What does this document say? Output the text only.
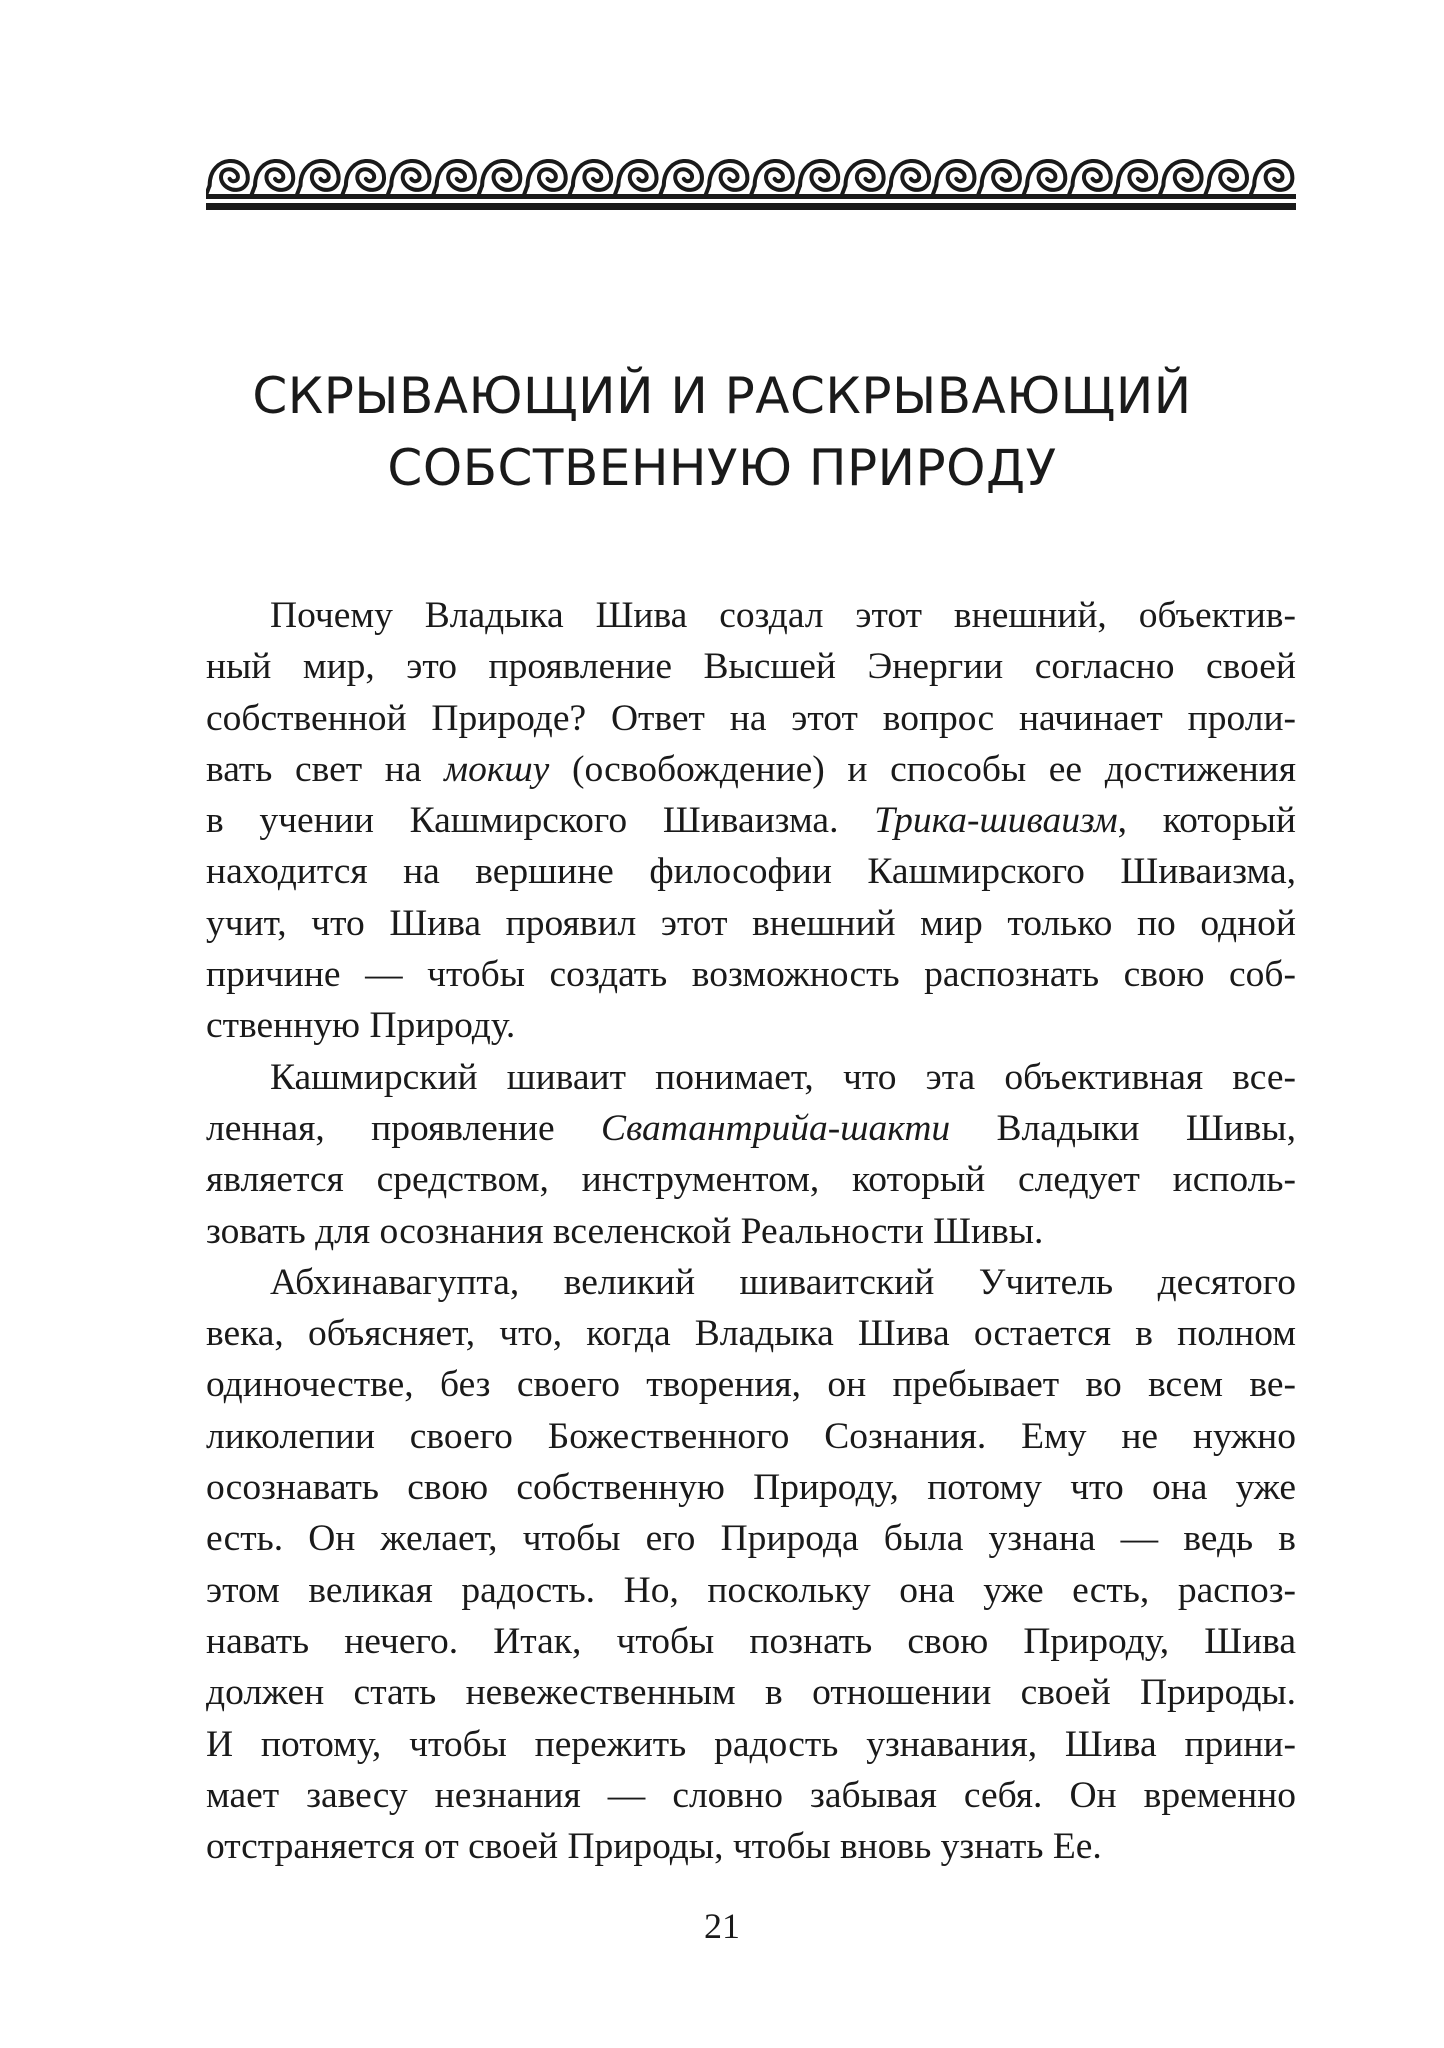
СКРЫВАЮЩИЙ И РАСКРЫВАЮЩИЙ
СОБСТВЕННУЮ ПРИРОДУ

Почему Владыка Шива создал этот внешний, объектив-
ный мир, это проявление Высшей Энергии согласно своей
собственной Природе? Ответ на этот вопрос начинает проли-
вать свет на мокшу (освобождение) и способы ее достижения
в учении Кашмирского Шиваизма. Трика-шиваизм, который
находится на вершине философии Кашмирского Шиваизма,
учит, что Шива проявил этот внешний мир только по одной
причине — чтобы создать возможность распознать свою соб-
ственную Природу.

Кашмирский шиваит понимает, что эта объективная все-
ленная, проявление Сватантрийа-шакти Владыки Шивы,
является средством, инструментом, который следует исполь-
зовать для осознания вселенской Реальности Шивы.

Абхинавагупта, великий шиваитский Учитель десятого
века, объясняет, что, когда Владыка Шива остается в полном
одиночестве, без своего творения, он пребывает во всем ве-
ликолепии своего Божественного Сознания. Ему не нужно
осознавать свою собственную Природу, потому что она уже
есть. Он желает, чтобы его Природа была узнана — ведь в
этом великая радость. Но, поскольку она уже есть, распоз-
навать нечего. Итак, чтобы познать свою Природу, Шива
должен стать невежественным в отношении своей Природы.
И потому, чтобы пережить радость узнавания, Шива прини-
мает завесу незнания — словно забывая себя. Он временно
отстраняется от своей Природы, чтобы вновь узнать Ее.

21
